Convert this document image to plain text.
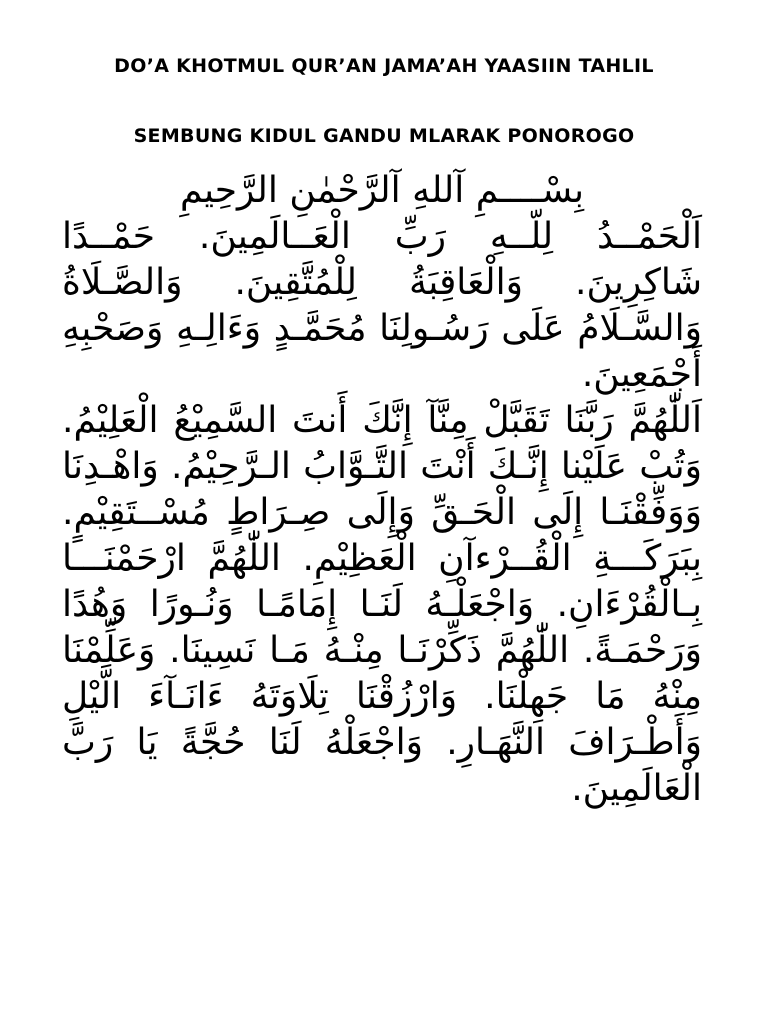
DO’A KHOTMUL QUR’AN JAMA’AH YAASIIN TAHLIL
SEMBUNG KIDUL GANDU MLARAK PONOROGO
بِسْــــمِ آللهِ آلرَّحْمٰنِ الرَّحِيمِ
اَلْحَمْــدُ لِلّــهِ رَبِّ الْعَــالَمِينَ. حَمْــدًا شَاكِرِينَ. وَالْعَاقِبَةُ لِلْمُتَّقِينَ. وَالصَّـلَاةُ وَالسَّـلَامُ عَلَى رَسُـولِنَا مُحَمَّـدٍ وَءَالِـهِ وَصَحْبِهِ أَجْمَعِينَ.
اَللّٰهُمَّ رَبَّنَا تَقَبَّلْ مِنَّآ إِنَّكَ أَنتَ السَّمِيْعُ الْعَلِيْمُ. وَتُبْ عَلَيْنا إِنَّـكَ أَنْتَ التَّـوَّابُ الـرَّحِيْمُ. وَاهْـدِنَا وَوَفِّقْنَـا إِلَى الْحَـقِّ وَإِلَى صِـرَاطٍ مُسْــتَقِيْمٍ. بِبَرَكَـــةِ الْقُــرْءآنِ الْعَظِيْمِ. اللّٰهُمَّ ارْحَمْنَـــا بِـالْقُرْءَانِ. وَاجْعَلْـهُ لَنَـا إِمَامًـا وَنُـورًا وَهُدًا وَرَحْمَـةً. اللّٰهُمَّ ذَكِّرْنَـا مِنْـهُ مَـا نَسِينَا. وَعَلِّمْنَا مِنْهُ مَا جَهِلْنَا. وَارْزُقْنَا تِلَاوَتَهُ ءَانَـآءَ الَّيْلِ وَأَطْـرَافَ النَّهَـارِ. وَاجْعَلْهُ لَنَا حُجَّةً يَا رَبَّ الْعَالَمِينَ.
